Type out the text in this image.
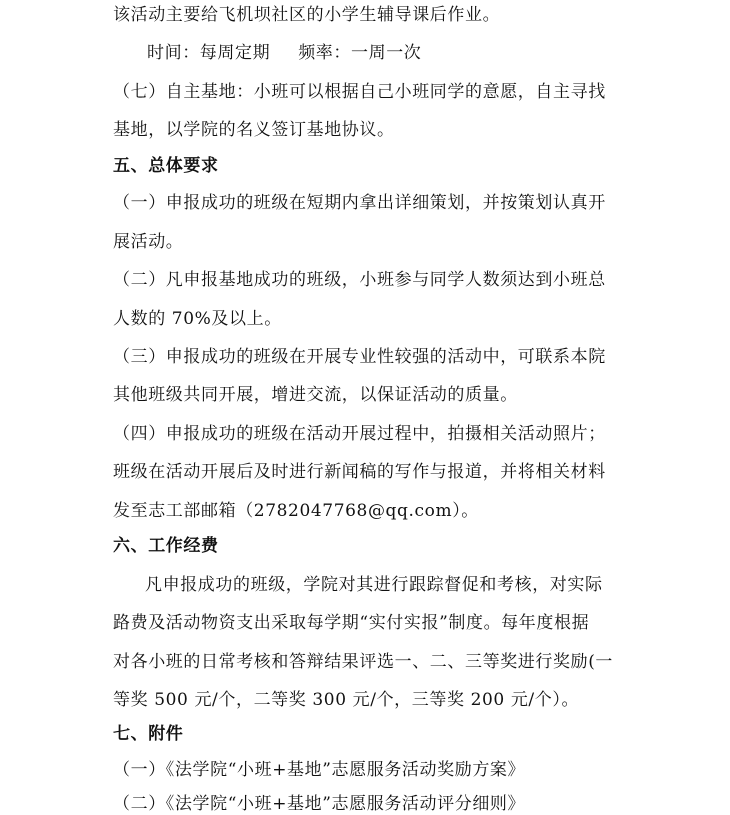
该活动主要给飞机坝社区的小学生辅导课后作业。
时间：每周定期 频率：一周一次
（七）自主基地：小班可以根据自己小班同学的意愿，自主寻找
基地，以学院的名义签订基地协议。
五、总体要求
（一）申报成功的班级在短期内拿出详细策划，并按策划认真开
展活动。
（二）凡申报基地成功的班级，小班参与同学人数须达到小班总
人数的 70%及以上。
（三）申报成功的班级在开展专业性较强的活动中，可联系本院
其他班级共同开展，增进交流，以保证活动的质量。
（四）申报成功的班级在活动开展过程中，拍摄相关活动照片；
班级在活动开展后及时进行新闻稿的写作与报道，并将相关材料
发至志工部邮箱（2782047768@qq.com）。
六、工作经费
凡申报成功的班级，学院对其进行跟踪督促和考核，对实际
路费及活动物资支出采取每学期“实付实报”制度。每年度根据
对各小班的日常考核和答辩结果评选一、二、三等奖进行奖励(一
等奖 500 元/个，二等奖 300 元/个，三等奖 200 元/个）。
七、附件
（一）《法学院“小班+基地”志愿服务活动奖励方案》
（二）《法学院“小班+基地”志愿服务活动评分细则》
